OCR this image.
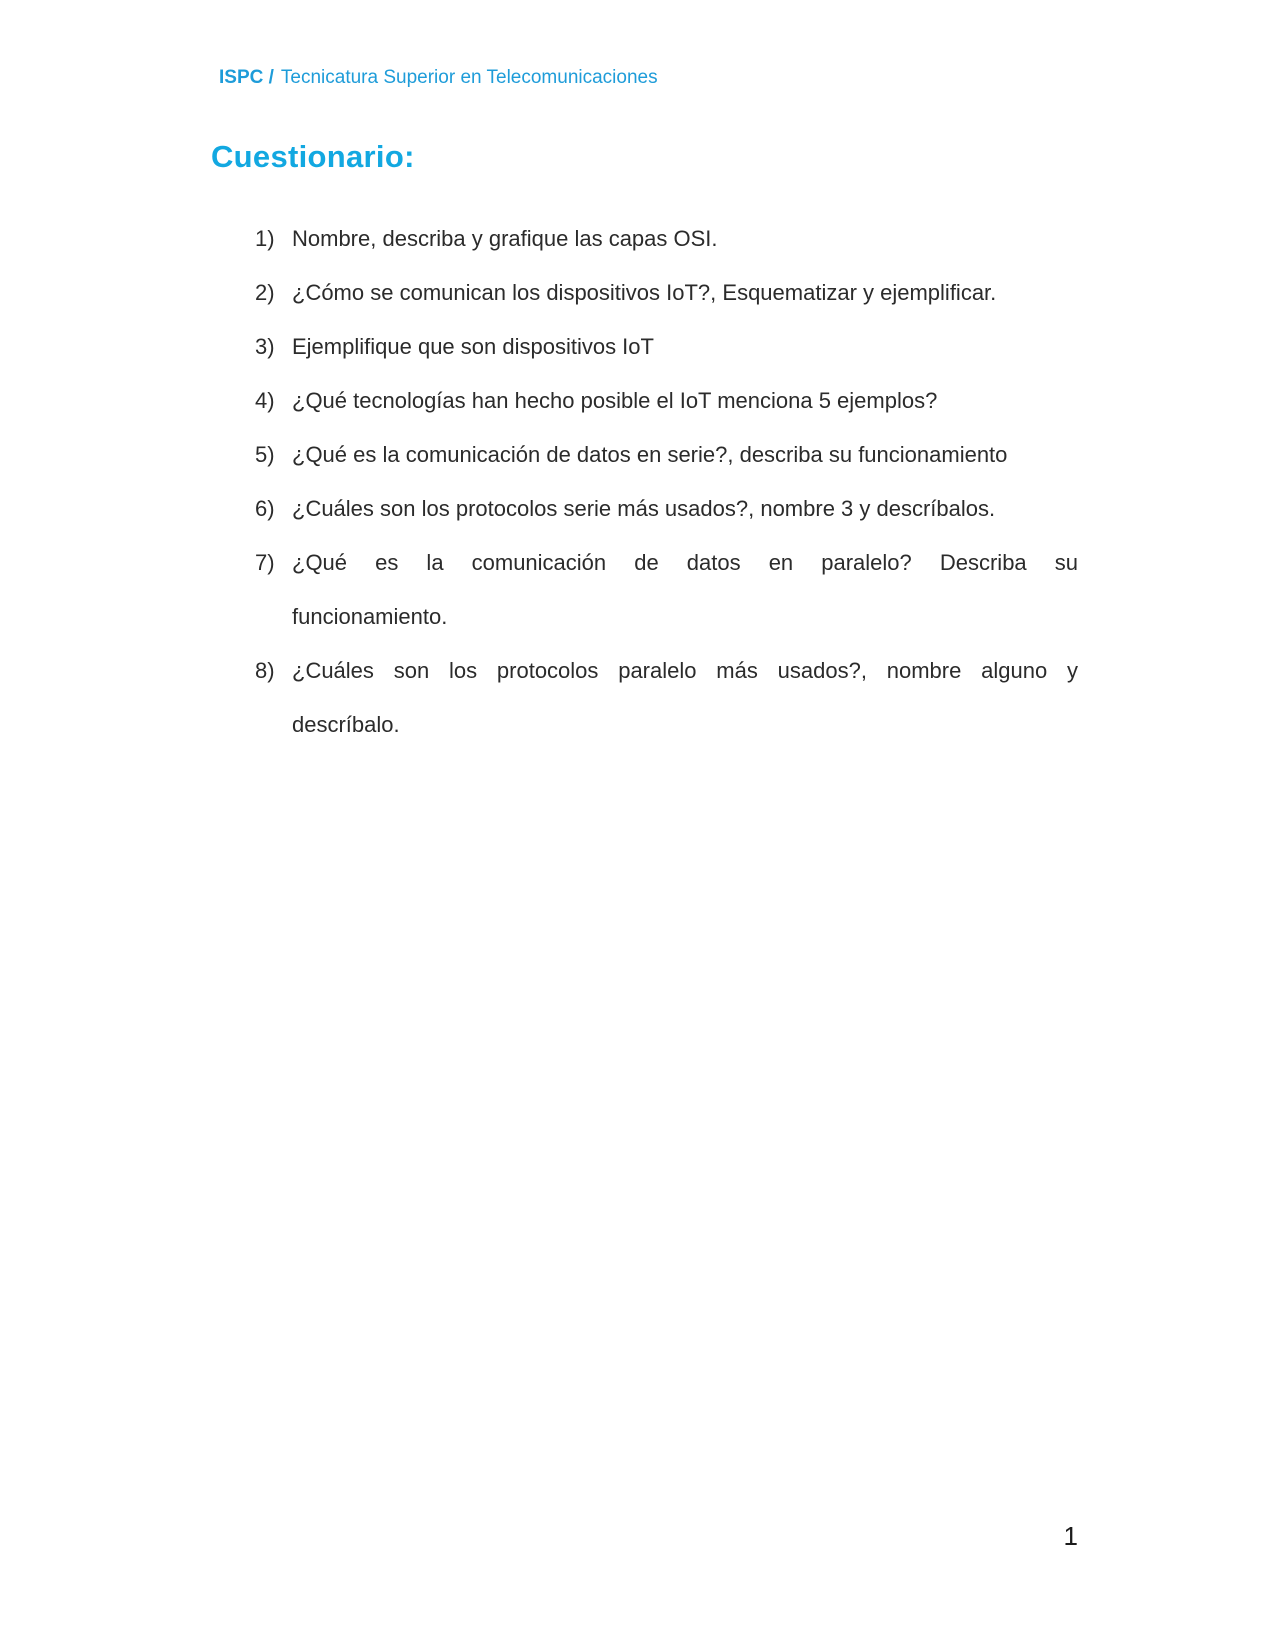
ISPC / Tecnicatura Superior en Telecomunicaciones
Cuestionario:
1) Nombre, describa y grafique las capas OSI.
2) ¿Cómo se comunican los dispositivos IoT?, Esquematizar y ejemplificar.
3) Ejemplifique que son dispositivos IoT
4) ¿Qué tecnologías han hecho posible el IoT menciona 5 ejemplos?
5) ¿Qué es la comunicación de datos en serie?, describa su funcionamiento
6) ¿Cuáles son los protocolos serie más usados?, nombre 3 y descríbalos.
7) ¿Qué es la comunicación de datos en paralelo? Describa su
funcionamiento.
8) ¿Cuáles son los protocolos paralelo más usados?, nombre alguno y
descríbalo.
1
